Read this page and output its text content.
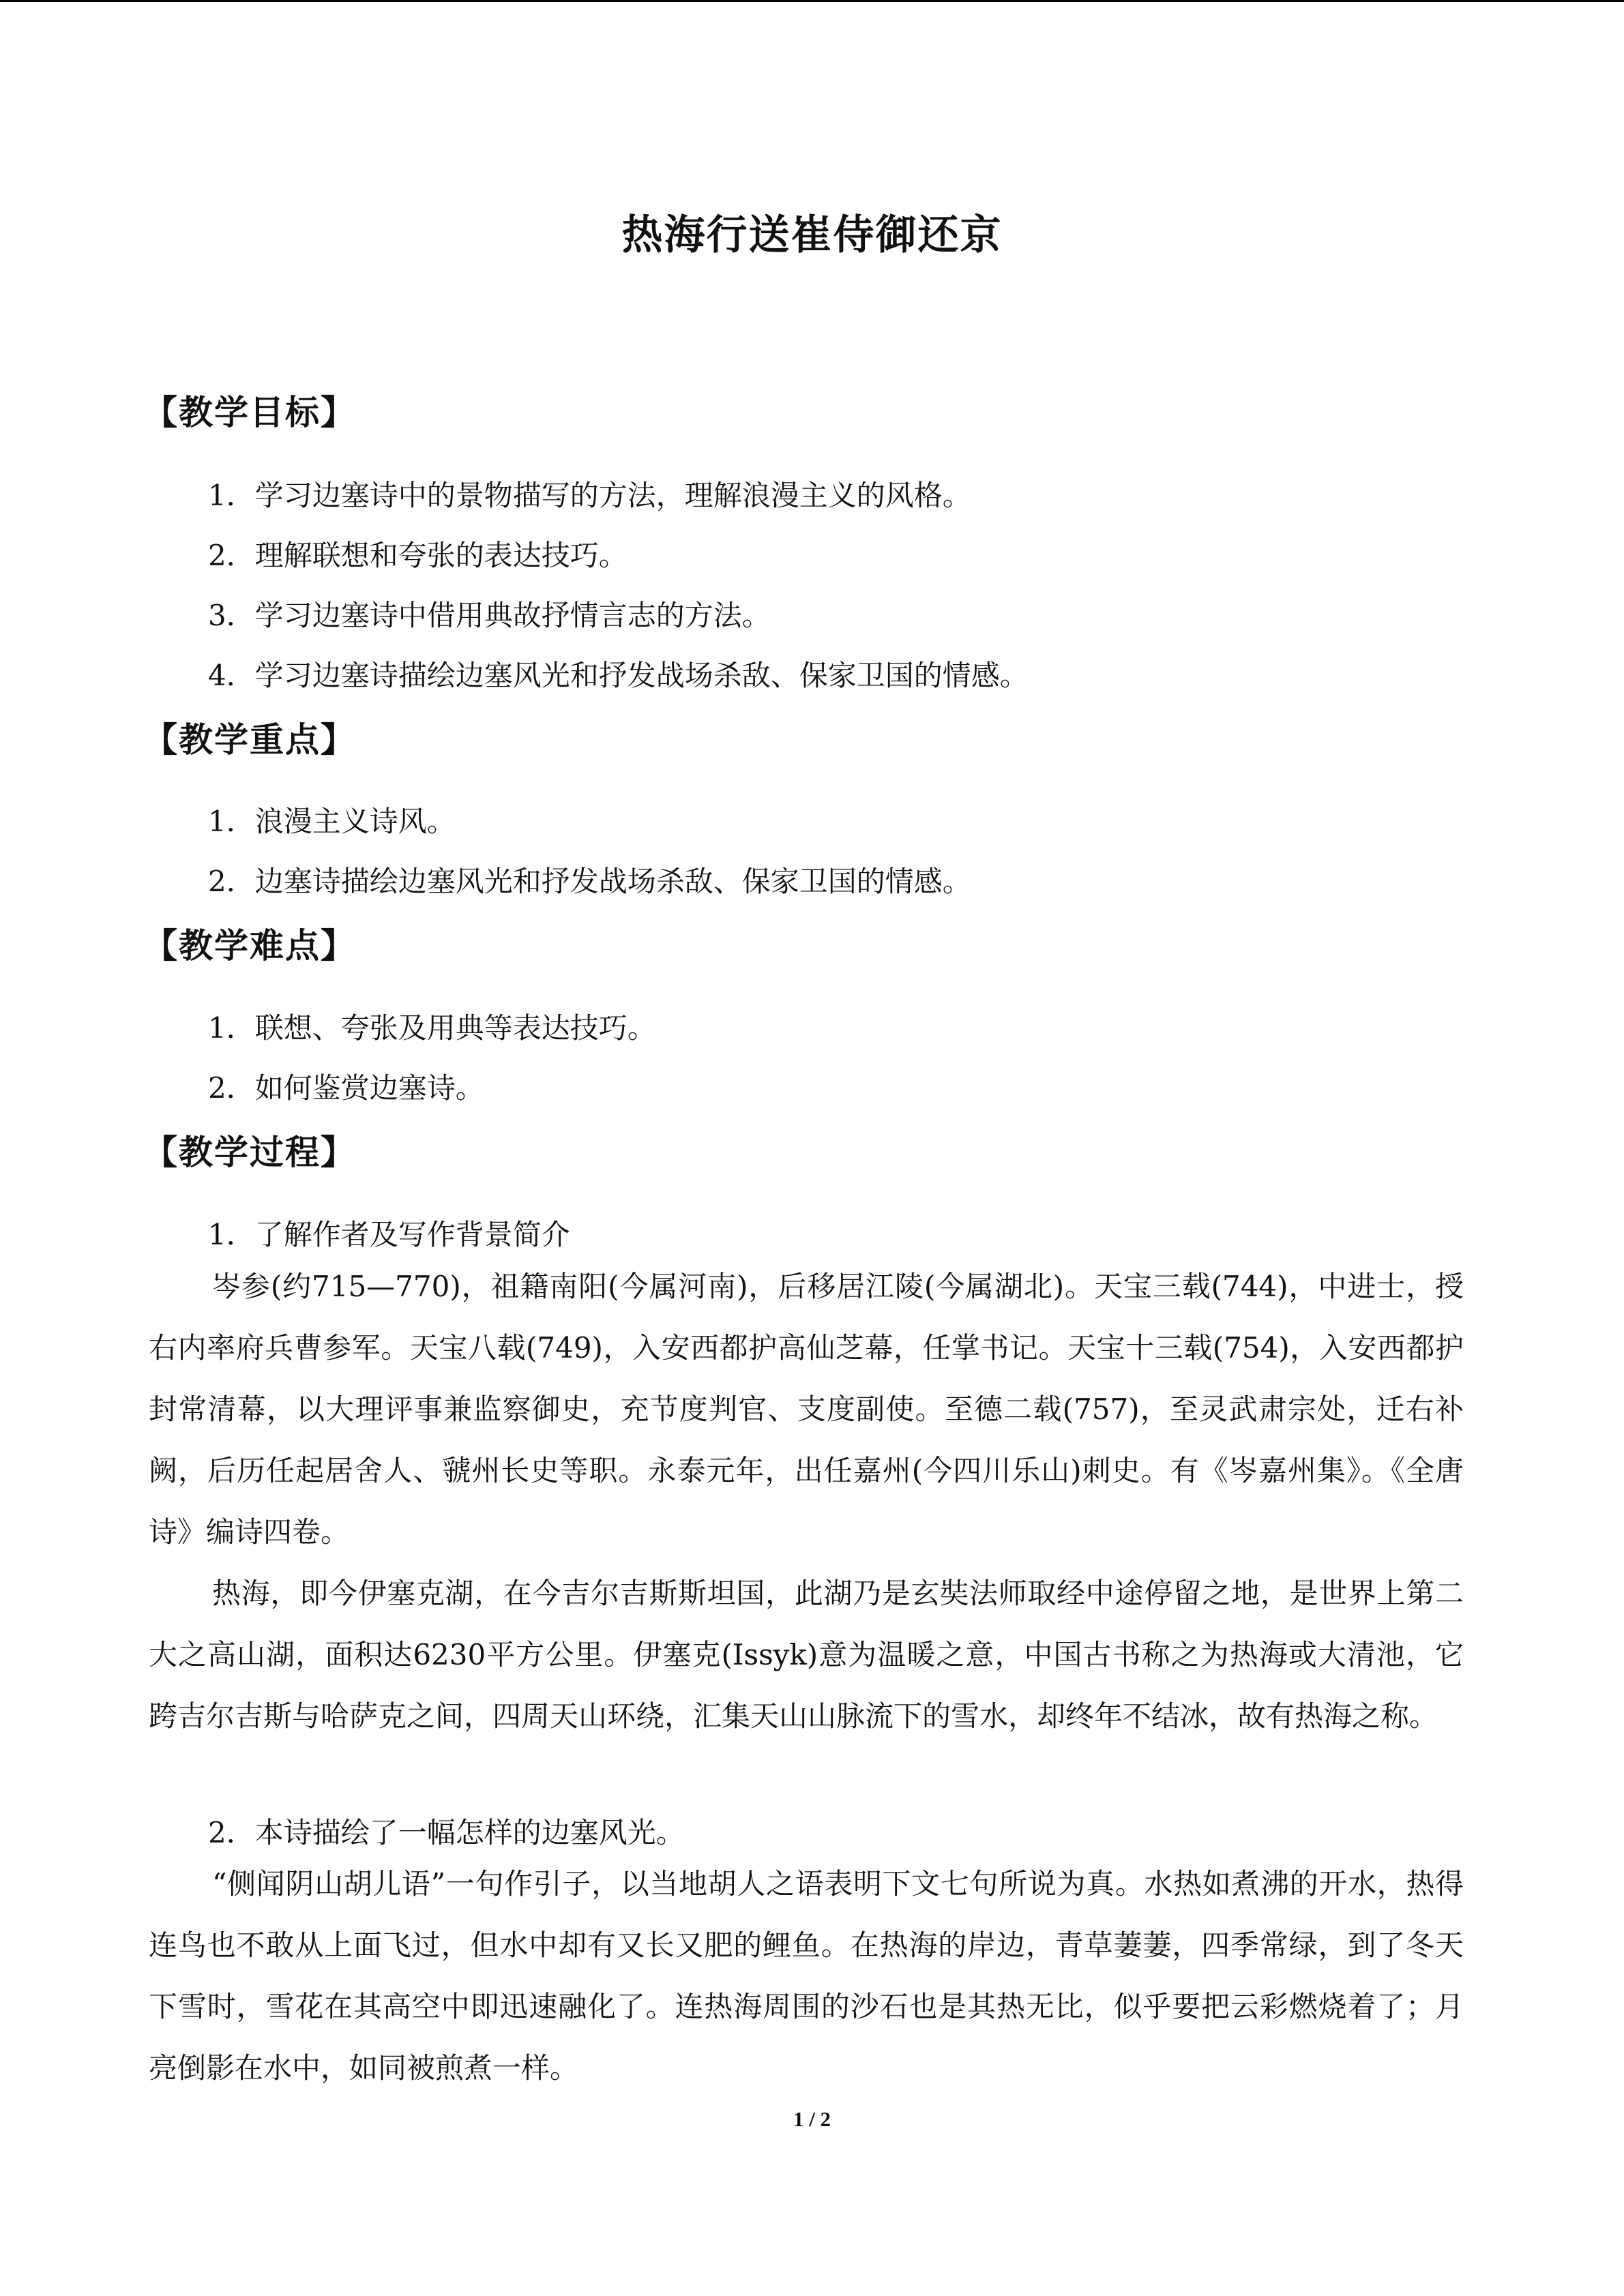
热海行送崔侍御还京
【教学目标】
1．学习边塞诗中的景物描写的方法，理解浪漫主义的风格。
2．理解联想和夸张的表达技巧。
3．学习边塞诗中借用典故抒情言志的方法。
4．学习边塞诗描绘边塞风光和抒发战场杀敌、保家卫国的情感。
【教学重点】
1．浪漫主义诗风。
2．边塞诗描绘边塞风光和抒发战场杀敌、保家卫国的情感。
【教学难点】
1．联想、夸张及用典等表达技巧。
2．如何鉴赏边塞诗。
【教学过程】
1．了解作者及写作背景简介
岑参(约715—770)，祖籍南阳(今属河南)，后移居江陵(今属湖北)。天宝三载(744)，中进士，授右内率府兵曹参军。天宝八载(749)，入安西都护高仙芝幕，任掌书记。天宝十三载(754)，入安西都护封常清幕，以大理评事兼监察御史，充节度判官、支度副使。至德二载(757)，至灵武肃宗处，迁右补阙，后历任起居舍人、虢州长史等职。永泰元年，出任嘉州(今四川乐山)刺史。有《岑嘉州集》。《全唐诗》编诗四卷。
热海，即今伊塞克湖，在今吉尔吉斯斯坦国，此湖乃是玄奘法师取经中途停留之地，是世界上第二大之高山湖，面积达6230平方公里。伊塞克(Issyk)意为温暖之意，中国古书称之为热海或大清池，它跨吉尔吉斯与哈萨克之间，四周天山环绕，汇集天山山脉流下的雪水，却终年不结冰，故有热海之称。
2．本诗描绘了一幅怎样的边塞风光。
“侧闻阴山胡儿语”一句作引子，以当地胡人之语表明下文七句所说为真。水热如煮沸的开水，热得连鸟也不敢从上面飞过，但水中却有又长又肥的鲤鱼。在热海的岸边，青草萋萋，四季常绿，到了冬天下雪时，雪花在其高空中即迅速融化了。连热海周围的沙石也是其热无比，似乎要把云彩燃烧着了；月亮倒影在水中，如同被煎煮一样。
1 / 2
